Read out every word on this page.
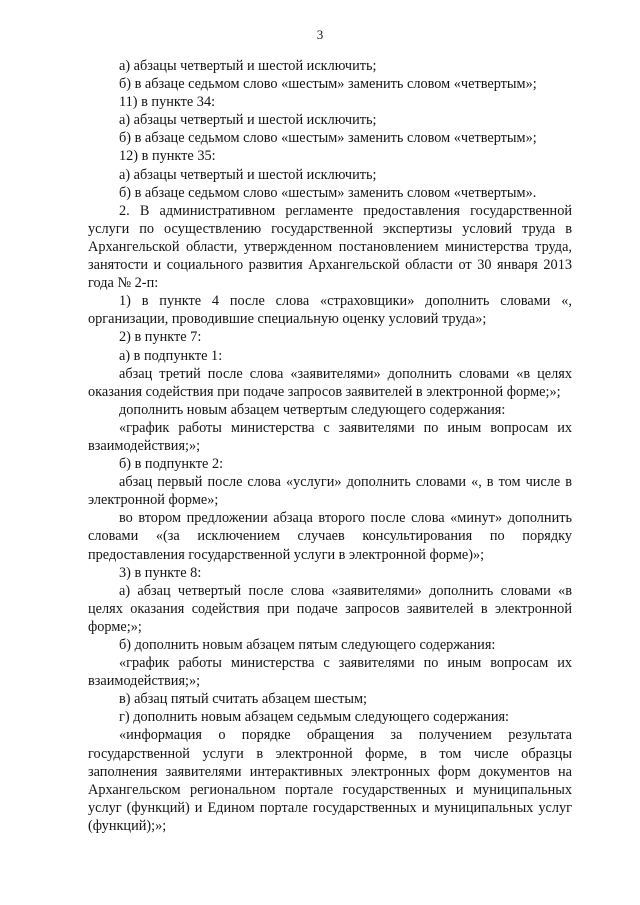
3

а) абзацы четвертый и шестой исключить;

б) в абзаце седьмом слово «шестым» заменить словом «четвертым»;

11) в пункте 34:

а) абзацы четвертый и шестой исключить;

б) в абзаце седьмом слово «шестым» заменить словом «четвертым»;

12) в пункте 35:

а) абзацы четвертый и шестой исключить;

б) в абзаце седьмом слово «шестым» заменить словом «четвертым».

2. В административном регламенте предоставления государственной услуги по осуществлению государственной экспертизы условий труда в Архангельской области, утвержденном постановлением министерства труда, занятости и социального развития Архангельской области от 30 января 2013 года № 2-п:

1) в пункте 4 после слова «страховщики» дополнить словами «, организации, проводившие специальную оценку условий труда»;

2) в пункте 7:

а) в подпункте 1:

абзац третий после слова «заявителями» дополнить словами «в целях оказания содействия при подаче запросов заявителей в электронной форме;»;

дополнить новым абзацем четвертым следующего содержания:

«график работы министерства с заявителями по иным вопросам их взаимодействия;»;

б) в подпункте 2:

абзац первый после слова «услуги» дополнить словами «, в том числе в электронной форме»;

во втором предложении абзаца второго после слова «минут» дополнить словами «(за исключением случаев консультирования по порядку предоставления государственной услуги в электронной форме)»;

3) в пункте 8:

а) абзац четвертый после слова «заявителями» дополнить словами «в целях оказания содействия при подаче запросов заявителей в электронной форме;»;

б) дополнить новым абзацем пятым следующего содержания:

«график работы министерства с заявителями по иным вопросам их взаимодействия;»;

в) абзац пятый считать абзацем шестым;

г) дополнить новым абзацем седьмым следующего содержания:

«информация о порядке обращения за получением результата государственной услуги в электронной форме, в том числе образцы заполнения заявителями интерактивных электронных форм документов на Архангельском региональном портале государственных и муниципальных услуг (функций) и Едином портале государственных и муниципальных услуг (функций);»;
